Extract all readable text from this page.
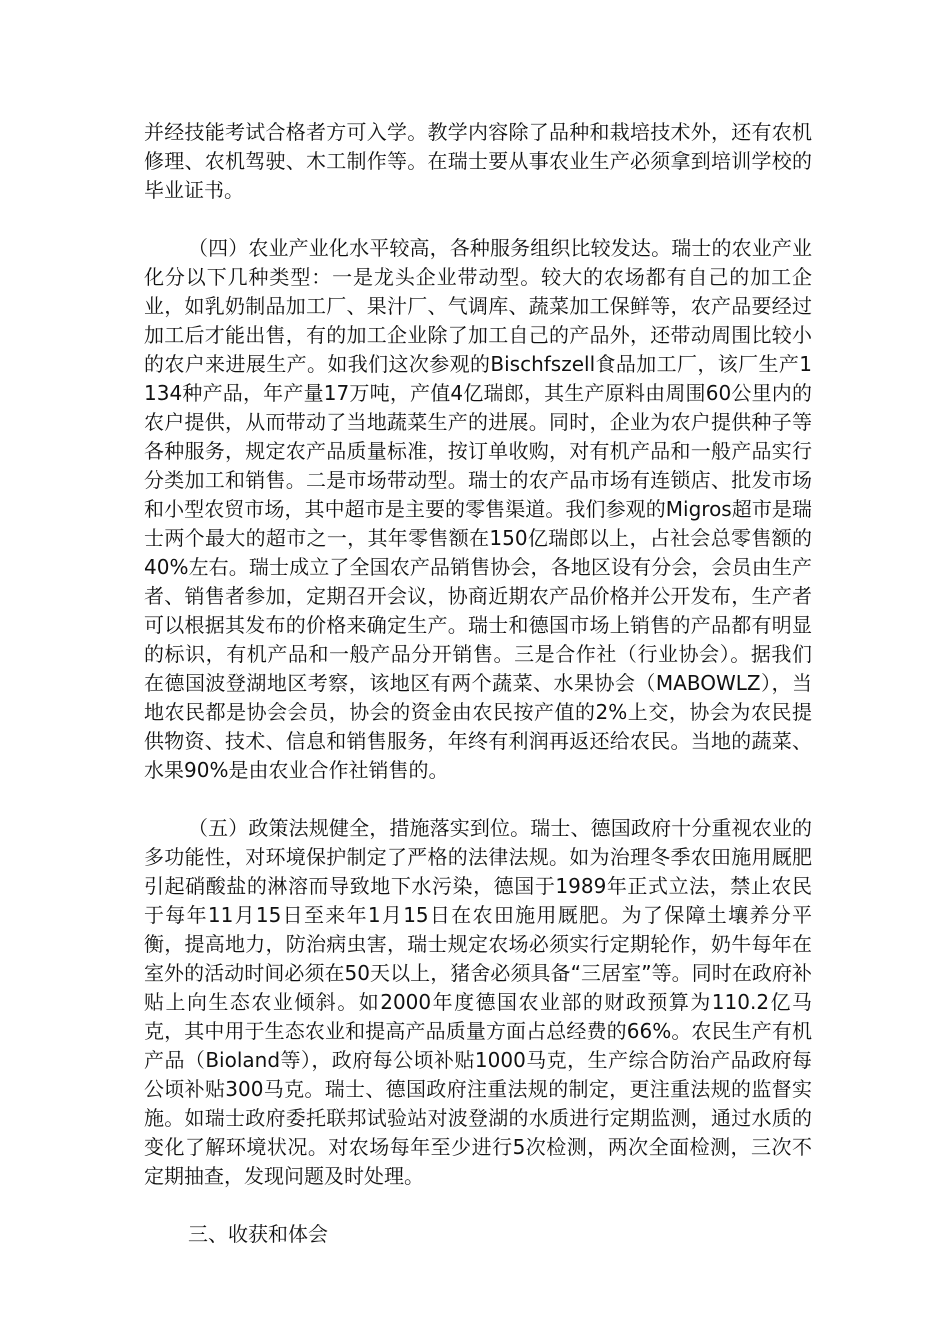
并经技能考试合格者方可入学。教学内容除了品种和栽培技术外，还有农机修理、农机驾驶、木工制作等。在瑞士要从事农业生产必须拿到培训学校的毕业证书。

（四）农业产业化水平较高，各种服务组织比较发达。瑞士的农业产业化分以下几种类型：一是龙头企业带动型。较大的农场都有自己的加工企业，如乳奶制品加工厂、果汁厂、气调库、蔬菜加工保鲜等，农产品要经过加工后才能出售，有的加工企业除了加工自己的产品外，还带动周围比较小的农户来进展生产。如我们这次参观的Bischfszell食品加工厂，该厂生产1134种产品，年产量17万吨，产值4亿瑞郎，其生产原料由周围60公里内的农户提供，从而带动了当地蔬菜生产的进展。同时，企业为农户提供种子等各种服务，规定农产品质量标准，按订单收购，对有机产品和一般产品实行分类加工和销售。二是市场带动型。瑞士的农产品市场有连锁店、批发市场和小型农贸市场，其中超市是主要的零售渠道。我们参观的Migros超市是瑞士两个最大的超市之一，其年零售额在150亿瑞郎以上，占社会总零售额的40%左右。瑞士成立了全国农产品销售协会，各地区设有分会，会员由生产者、销售者参加，定期召开会议，协商近期农产品价格并公开发布，生产者可以根据其发布的价格来确定生产。瑞士和德国市场上销售的产品都有明显的标识，有机产品和一般产品分开销售。三是合作社（行业协会）。据我们在德国波登湖地区考察，该地区有两个蔬菜、水果协会（MABOWLZ），当地农民都是协会会员，协会的资金由农民按产值的2%上交，协会为农民提供物资、技术、信息和销售服务，年终有利润再返还给农民。当地的蔬菜、水果90%是由农业合作社销售的。

（五）政策法规健全，措施落实到位。瑞士、德国政府十分重视农业的多功能性，对环境保护制定了严格的法律法规。如为治理冬季农田施用厩肥引起硝酸盐的淋溶而导致地下水污染，德国于1989年正式立法，禁止农民于每年11月15日至来年1月15日在农田施用厩肥。为了保障土壤养分平衡，提高地力，防治病虫害，瑞士规定农场必须实行定期轮作，奶牛每年在室外的活动时间必须在50天以上，猪舍必须具备“三居室”等。同时在政府补贴上向生态农业倾斜。如2000年度德国农业部的财政预算为110.2亿马克，其中用于生态农业和提高产品质量方面占总经费的66%。农民生产有机产品（Bioland等），政府每公顷补贴1000马克，生产综合防治产品政府每公顷补贴300马克。瑞士、德国政府注重法规的制定，更注重法规的监督实施。如瑞士政府委托联邦试验站对波登湖的水质进行定期监测，通过水质的变化了解环境状况。对农场每年至少进行5次检测，两次全面检测，三次不定期抽查，发现问题及时处理。

三、收获和体会
